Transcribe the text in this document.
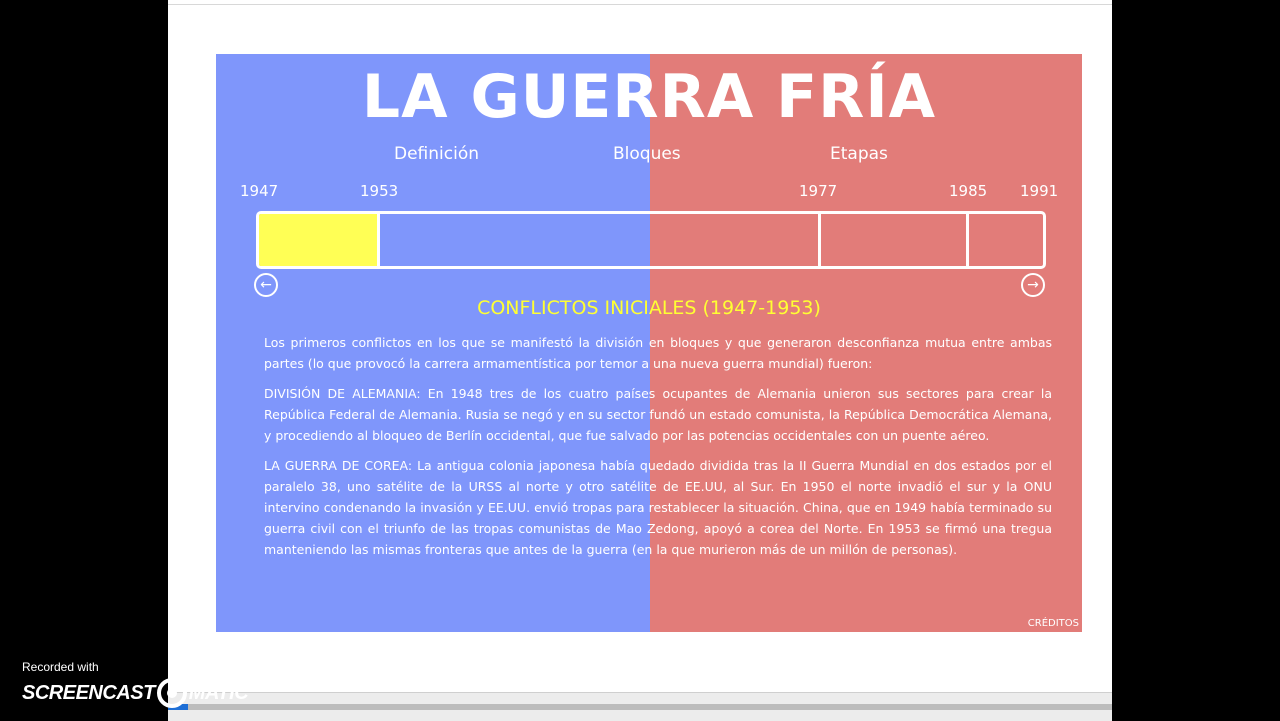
LA GUERRA FRÍA
Definición	Bloques	Etapas
1947	1953	1977	1985 1991
←	→
CONFLICTOS INICIALES (1947-1953)

Los primeros conflictos en los que se manifestó la división en bloques y que generaron desconfianza mutua entre ambas partes (lo que provocó la carrera armamentística por temor a una nueva guerra mundial) fueron:

DIVISIÓN DE ALEMANIA: En 1948 tres de los cuatro países ocupantes de Alemania unieron sus sectores para crear la República Federal de Alemania. Rusia se negó y en su sector fundó un estado comunista, la República Democrática Alemana, y procediendo al bloqueo de Berlín occidental, que fue salvado por las potencias occidentales con un puente aéreo.

LA GUERRA DE COREA: La antigua colonia japonesa había quedado dividida tras la II Guerra Mundial en dos estados por el paralelo 38, uno satélite de la URSS al norte y otro satélite de EE.UU, al Sur. En 1950 el norte invadió el sur y la ONU intervino condenando la invasión y EE.UU. envió tropas para restablecer la situación. China, que en 1949 había terminado su guerra civil con el triunfo de las tropas comunistas de Mao Zedong, apoyó a corea del Norte. En 1953 se firmó una tregua manteniendo las mismas fronteras que antes de la guerra (en la que murieron más de un millón de personas).

CRÉDITOS
Recorded with
SCREENCAST MATIC
